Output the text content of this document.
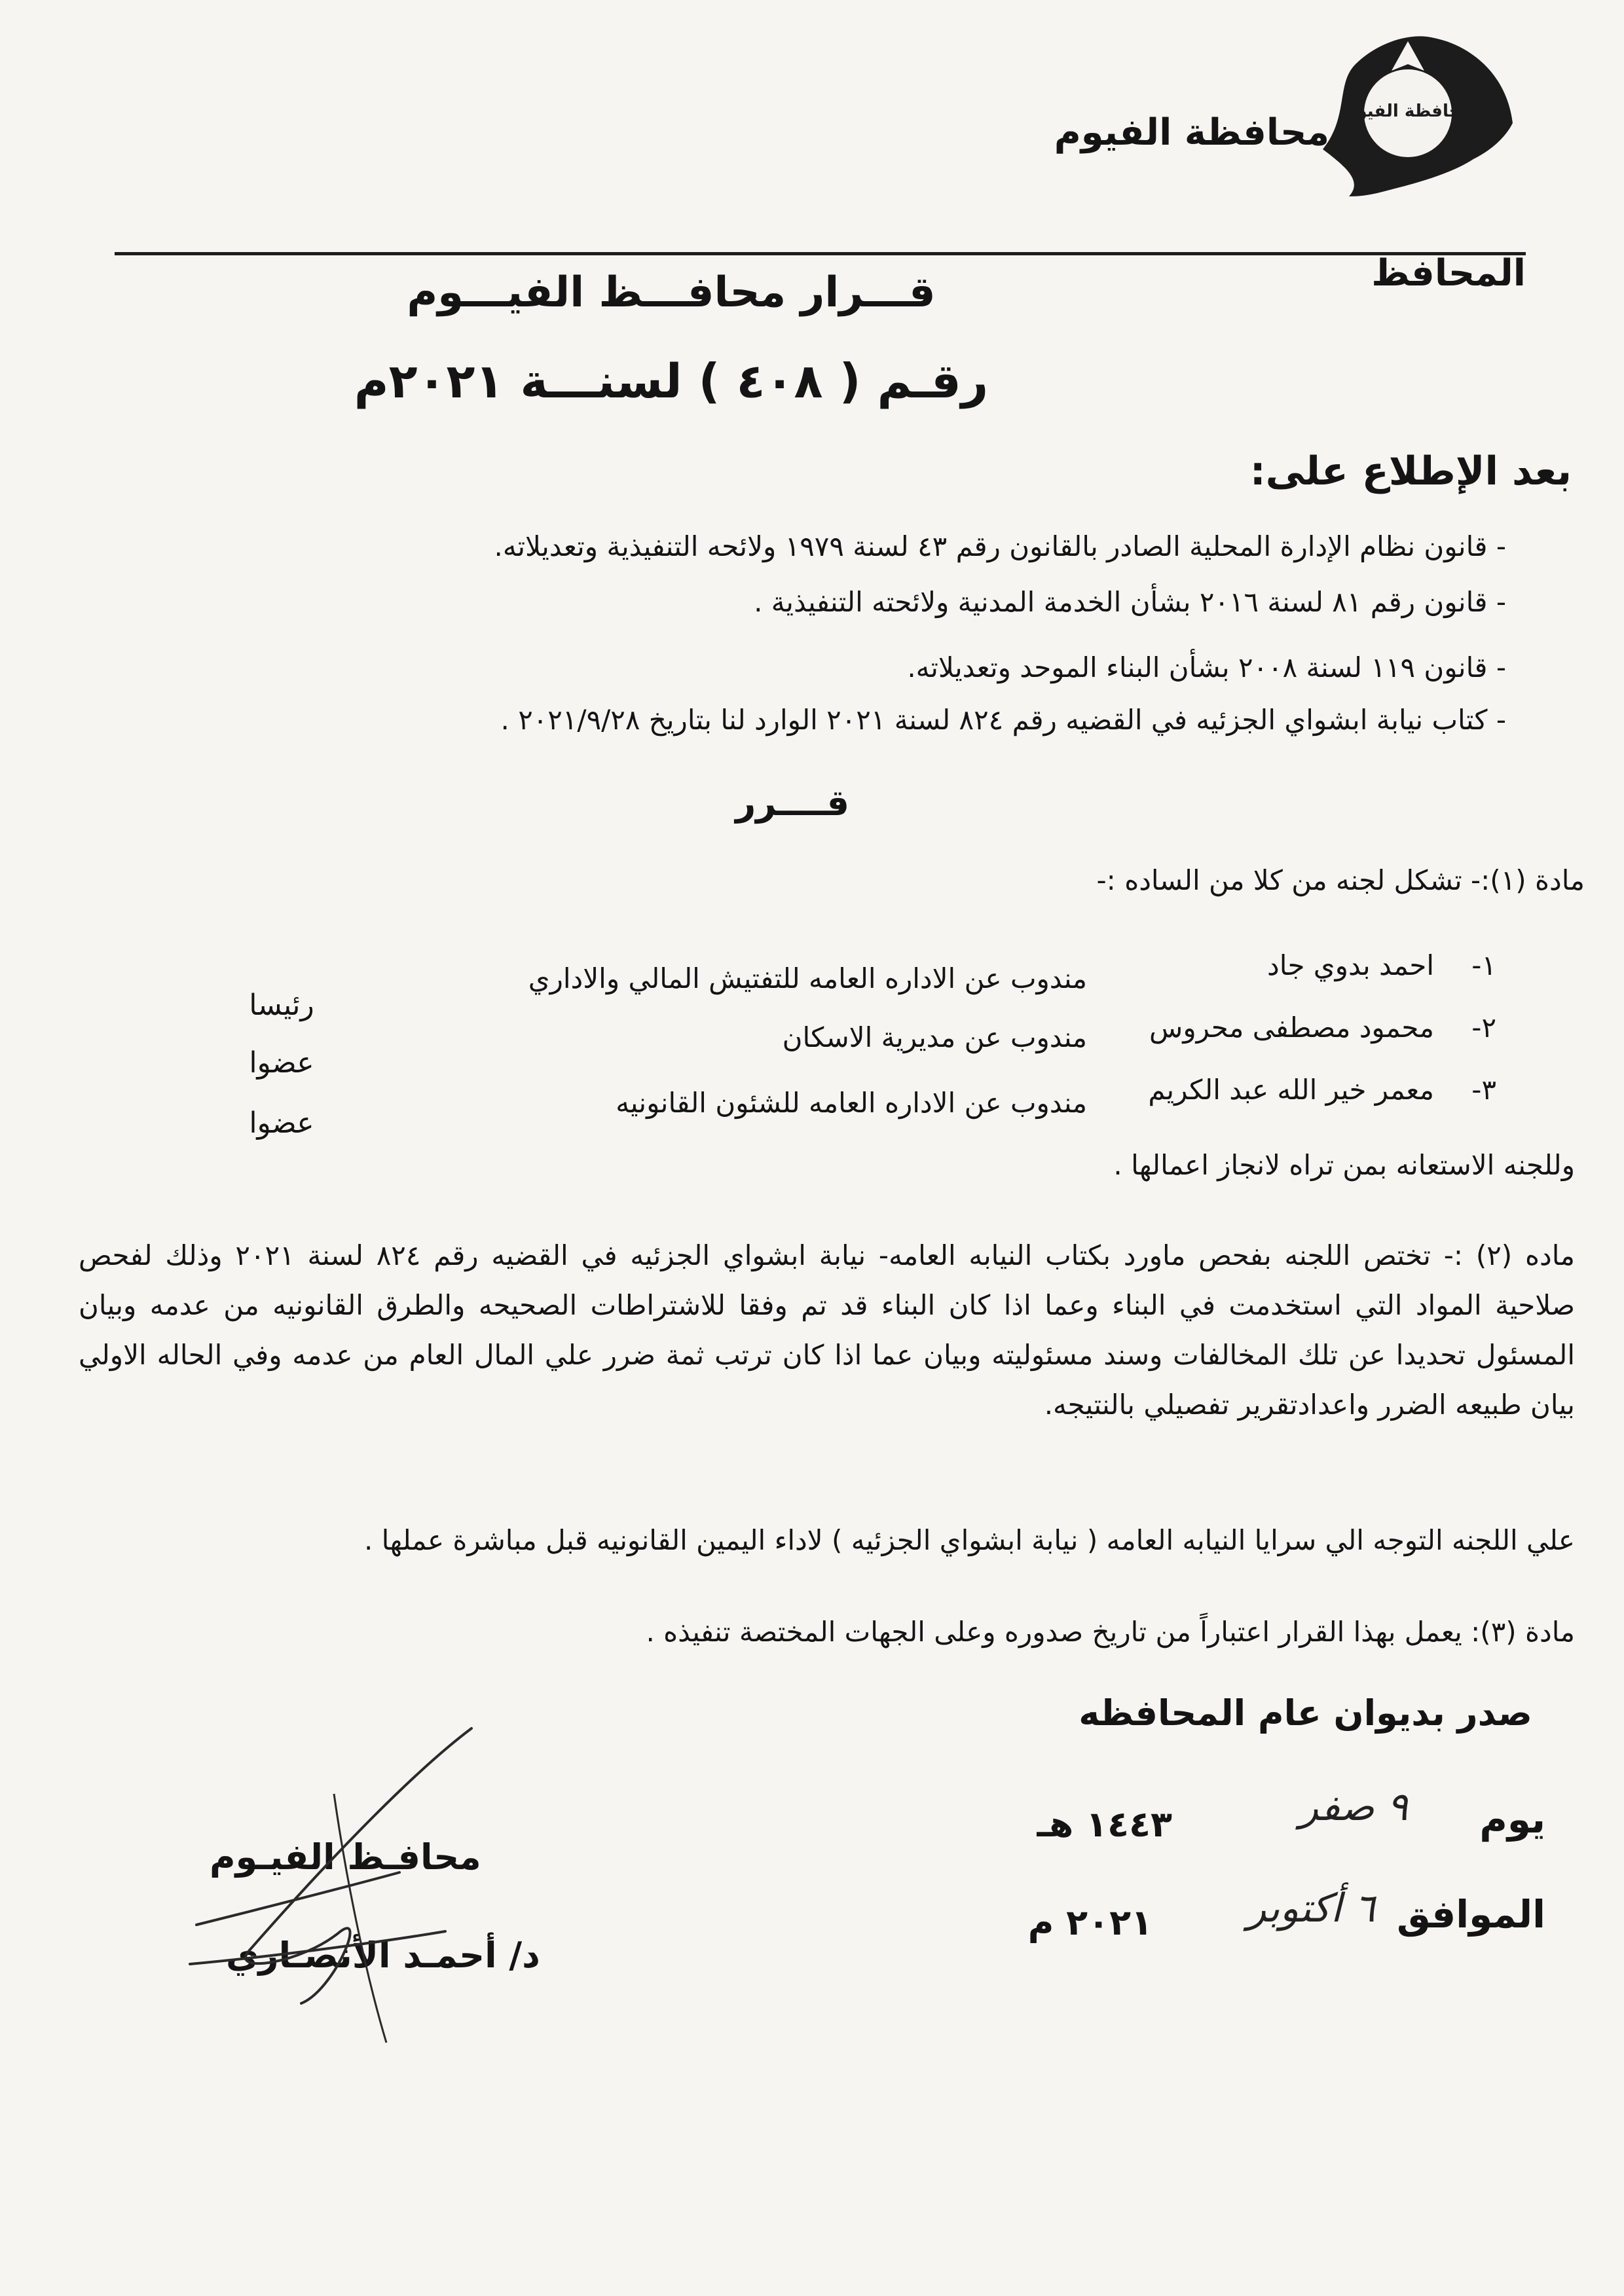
محافظة الفيوم
محافظة الفيوم
المحافظ
قـــرار محافـــظ الفيـــوم
رقـم ( ٤٠٨ ) لسنـــة ٢٠٢١م
بعد الإطلاع على:
- قانون نظام الإدارة المحلية الصادر بالقانون رقم ٤٣ لسنة ١٩٧٩ ولائحه التنفيذية وتعديلاته.
- قانون رقم ٨١ لسنة ٢٠١٦ بشأن الخدمة المدنية ولائحته التنفيذية .
- قانون ١١٩ لسنة ٢٠٠٨ بشأن البناء الموحد وتعديلاته.
- كتاب نيابة ابشواي الجزئيه في القضيه رقم ٨٢٤ لسنة ٢٠٢١ الوارد لنا بتاريخ ٢٠٢١/٩/٢٨ .
قــــرر
مادة (١):- تشكل لجنه من كلا من الساده :-
١-
احمد بدوي جاد
مندوب عن الاداره العامه للتفتيش المالي والاداري
رئيسا
٢-
محمود مصطفى محروس
مندوب عن مديرية الاسكان
عضوا
٣-
معمر خير الله عبد الكريم
مندوب عن الاداره العامه للشئون القانونيه
عضوا
وللجنه الاستعانه بمن تراه لانجاز اعمالها .
ماده (٢) :- تختص اللجنه بفحص ماورد بكتاب النيابه العامه- نيابة ابشواي الجزئيه في القضيه رقم ٨٢٤ لسنة ٢٠٢١ وذلك لفحص صلاحية المواد التي استخدمت في البناء وعما اذا كان البناء قد تم وفقا للاشتراطات الصحيحه والطرق القانونيه من عدمه وبيان المسئول تحديدا عن تلك المخالفات وسند مسئوليته وبيان عما اذا كان ترتب ثمة ضرر علي المال العام من عدمه وفي الحاله الاولي بيان طبيعه الضرر واعدادتقرير تفصيلي بالنتيجه.
علي اللجنه التوجه الي سرايا النيابه العامه ( نيابة ابشواي الجزئيه ) لاداء اليمين القانونيه قبل مباشرة عملها .
مادة (٣): يعمل بهذا القرار اعتباراً من تاريخ صدوره وعلى الجهات المختصة تنفيذه .
صدر بديوان عام المحافظه
يوم
٩ صفر
١٤٤٣ هـ
الموافق
٦ أكتوبر
٢٠٢١ م
محافـظ الفيـوم
د/ أحمـد الأنصـاري
